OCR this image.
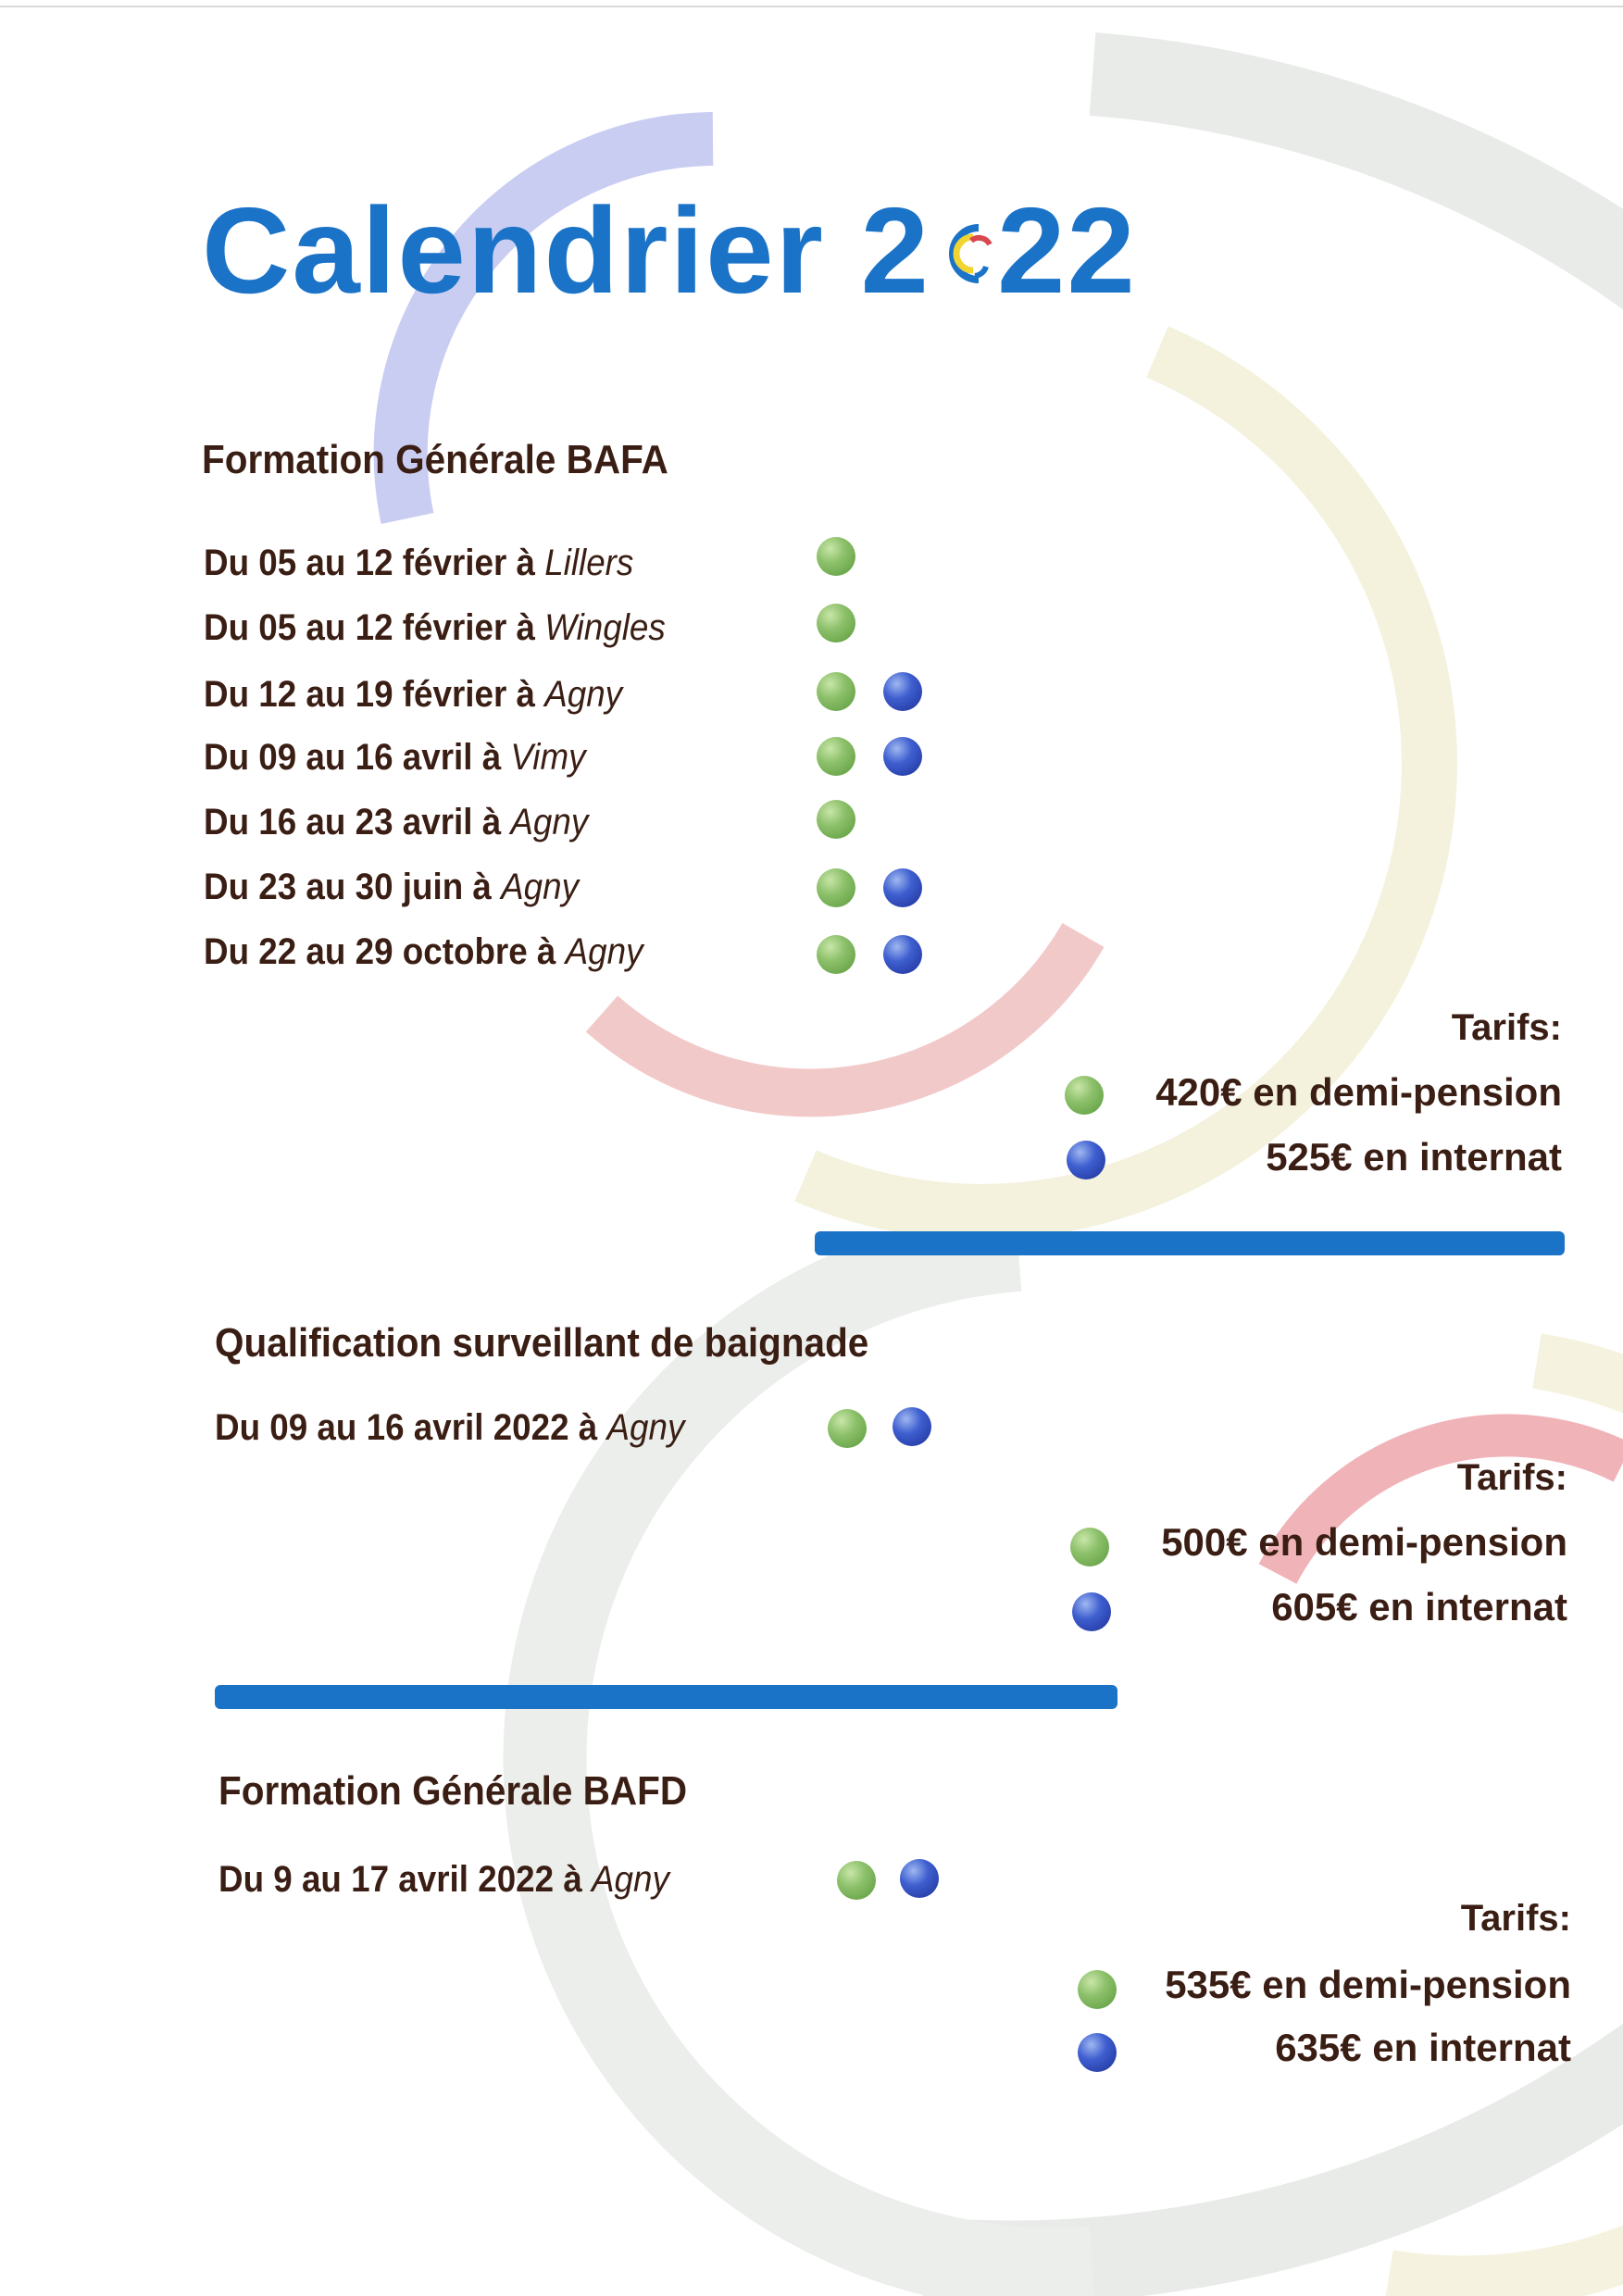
Calendrier 2 22
Formation Générale BAFA
Du 05 au 12 février à Lillers
Du 05 au 12 février à Wingles
Du 12 au 19 février à Agny
Du 09 au 16 avril à Vimy
Du 16 au 23 avril à Agny
Du 23 au 30 juin à Agny
Du 22 au 29 octobre à Agny
Tarifs:
420€ en demi-pension
525€ en internat
Qualification surveillant de baignade
Du 09 au 16 avril 2022 à Agny
Tarifs:
500€ en demi-pension
605€ en internat
Formation Générale BAFD
Du 9 au 17 avril 2022 à Agny
Tarifs:
535€ en demi-pension
635€ en internat
